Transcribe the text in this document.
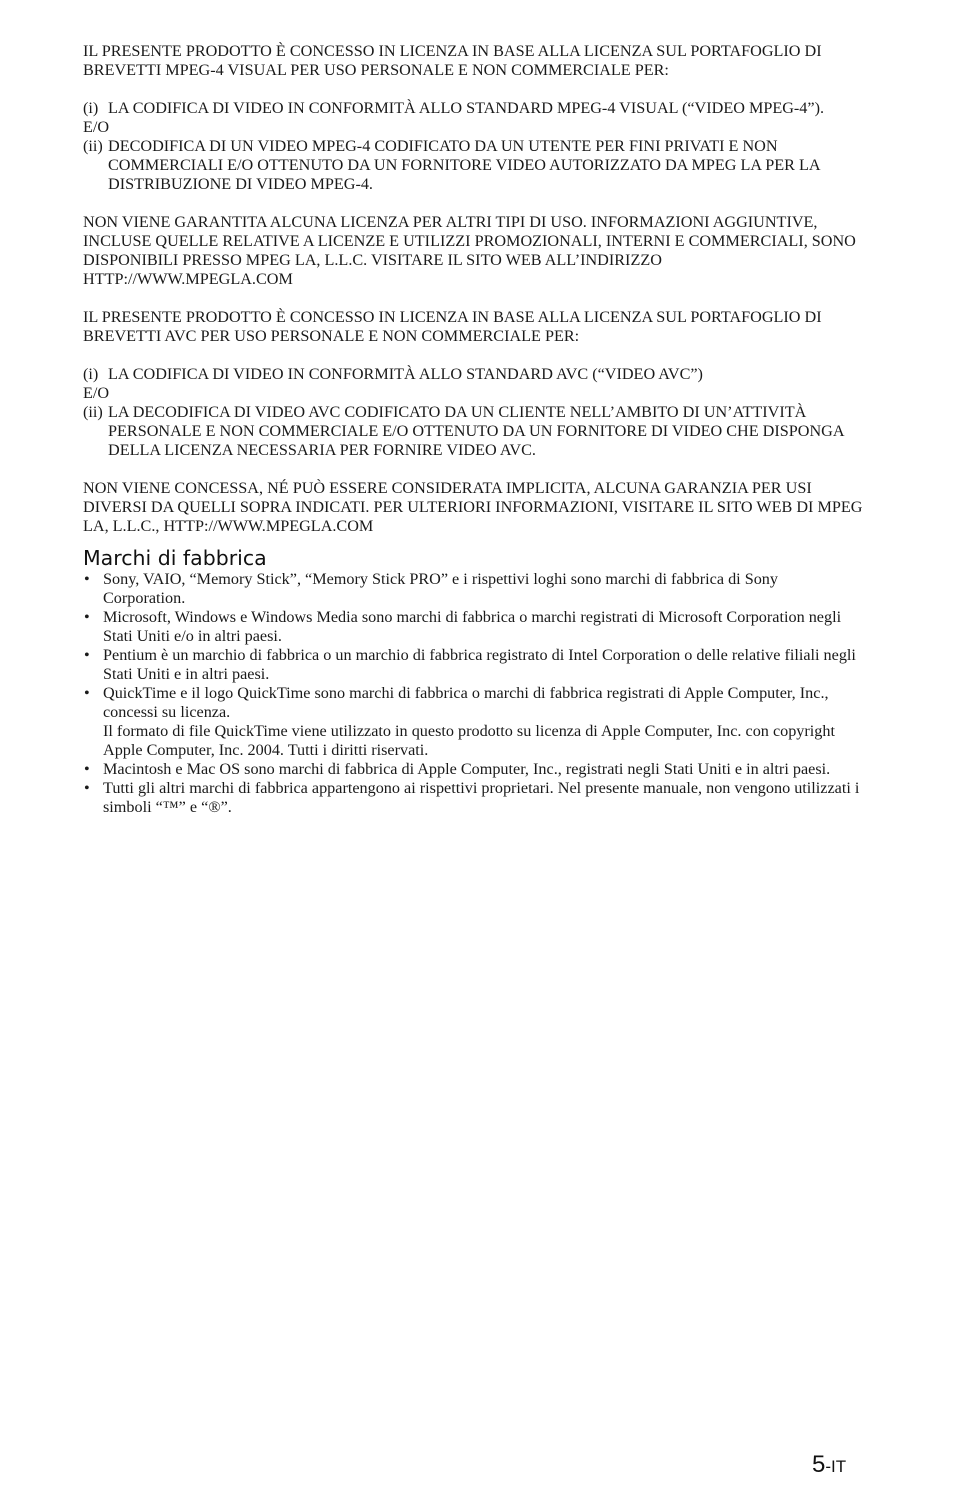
IL PRESENTE PRODOTTO È CONCESSO IN LICENZA IN BASE ALLA LICENZA SUL PORTAFOGLIO DI BREVETTI MPEG-4 VISUAL PER USO PERSONALE E NON COMMERCIALE PER:

(i) LA CODIFICA DI VIDEO IN CONFORMITÀ ALLO STANDARD MPEG-4 VISUAL (“VIDEO MPEG-4”).
E/O
(ii) DECODIFICA DI UN VIDEO MPEG-4 CODIFICATO DA UN UTENTE PER FINI PRIVATI E NON COMMERCIALI E/O OTTENUTO DA UN FORNITORE VIDEO AUTORIZZATO DA MPEG LA PER LA DISTRIBUZIONE DI VIDEO MPEG-4.

NON VIENE GARANTITA ALCUNA LICENZA PER ALTRI TIPI DI USO. INFORMAZIONI AGGIUNTIVE, INCLUSE QUELLE RELATIVE A LICENZE E UTILIZZI PROMOZIONALI, INTERNI E COMMERCIALI, SONO DISPONIBILI PRESSO MPEG LA, L.L.C. VISITARE IL SITO WEB ALL’INDIRIZZO HTTP://WWW.MPEGLA.COM

IL PRESENTE PRODOTTO È CONCESSO IN LICENZA IN BASE ALLA LICENZA SUL PORTAFOGLIO DI BREVETTI AVC PER USO PERSONALE E NON COMMERCIALE PER:

(i) LA CODIFICA DI VIDEO IN CONFORMITÀ ALLO STANDARD AVC (“VIDEO AVC”)
E/O
(ii) LA DECODIFICA DI VIDEO AVC CODIFICATO DA UN CLIENTE NELL’AMBITO DI UN’ATTIVITÀ PERSONALE E NON COMMERCIALE E/O OTTENUTO DA UN FORNITORE DI VIDEO CHE DISPONGA DELLA LICENZA NECESSARIA PER FORNIRE VIDEO AVC.

NON VIENE CONCESSA, NÉ PUÒ ESSERE CONSIDERATA IMPLICITA, ALCUNA GARANZIA PER USI DIVERSI DA QUELLI SOPRA INDICATI. PER ULTERIORI INFORMAZIONI, VISITARE IL SITO WEB DI MPEG LA, L.L.C., HTTP://WWW.MPEGLA.COM

Marchi di fabbrica
• Sony, VAIO, “Memory Stick”, “Memory Stick PRO” e i rispettivi loghi sono marchi di fabbrica di Sony Corporation.
• Microsoft, Windows e Windows Media sono marchi di fabbrica o marchi registrati di Microsoft Corporation negli Stati Uniti e/o in altri paesi.
• Pentium è un marchio di fabbrica o un marchio di fabbrica registrato di Intel Corporation o delle relative filiali negli Stati Uniti e in altri paesi.
• QuickTime e il logo QuickTime sono marchi di fabbrica o marchi di fabbrica registrati di Apple Computer, Inc., concessi su licenza.
Il formato di file QuickTime viene utilizzato in questo prodotto su licenza di Apple Computer, Inc. con copyright Apple Computer, Inc. 2004. Tutti i diritti riservati.
• Macintosh e Mac OS sono marchi di fabbrica di Apple Computer, Inc., registrati negli Stati Uniti e in altri paesi.
• Tutti gli altri marchi di fabbrica appartengono ai rispettivi proprietari. Nel presente manuale, non vengono utilizzati i simboli “™” e “®”.
5-IT
